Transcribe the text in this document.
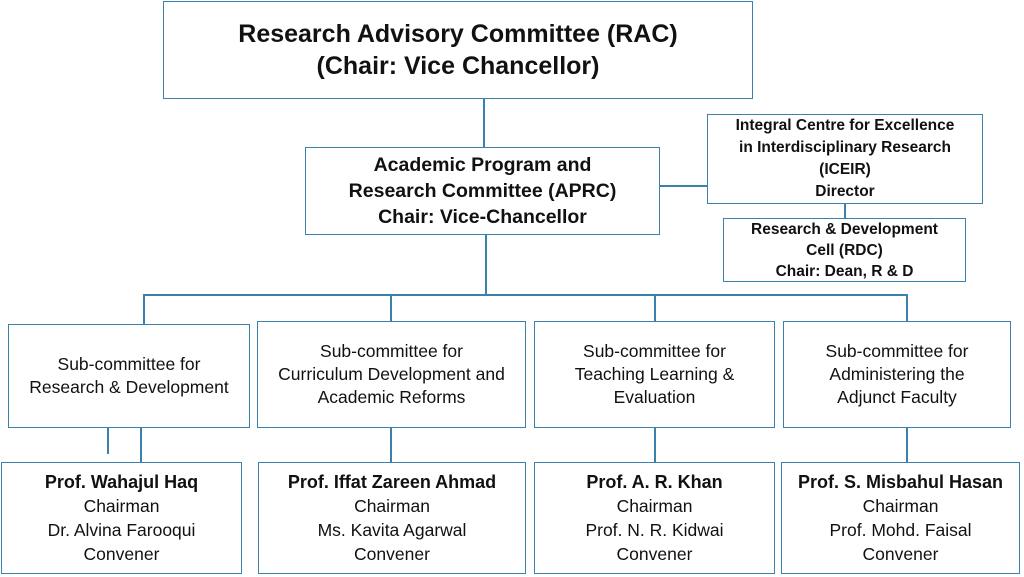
Research Advisory Committee (RAC)
(Chair: Vice Chancellor)
Academic Program and
Research Committee (APRC)
Chair: Vice-Chancellor
Integral Centre for Excellence
in Interdisciplinary Research
(ICEIR)
Director
Research & Development
Cell (RDC)
Chair: Dean, R & D
Sub-committee for
Research & Development
Sub-committee for
Curriculum Development and
Academic Reforms
Sub-committee for
Teaching Learning &
Evaluation
Sub-committee for
Administering the
Adjunct Faculty
Prof. Wahajul Haq
Chairman
Dr. Alvina Farooqui
Convener
Prof. Iffat Zareen Ahmad
Chairman
Ms. Kavita Agarwal
Convener
Prof. A. R. Khan
Chairman
Prof. N. R. Kidwai
Convener
Prof. S. Misbahul Hasan
Chairman
Prof. Mohd. Faisal
Convener
